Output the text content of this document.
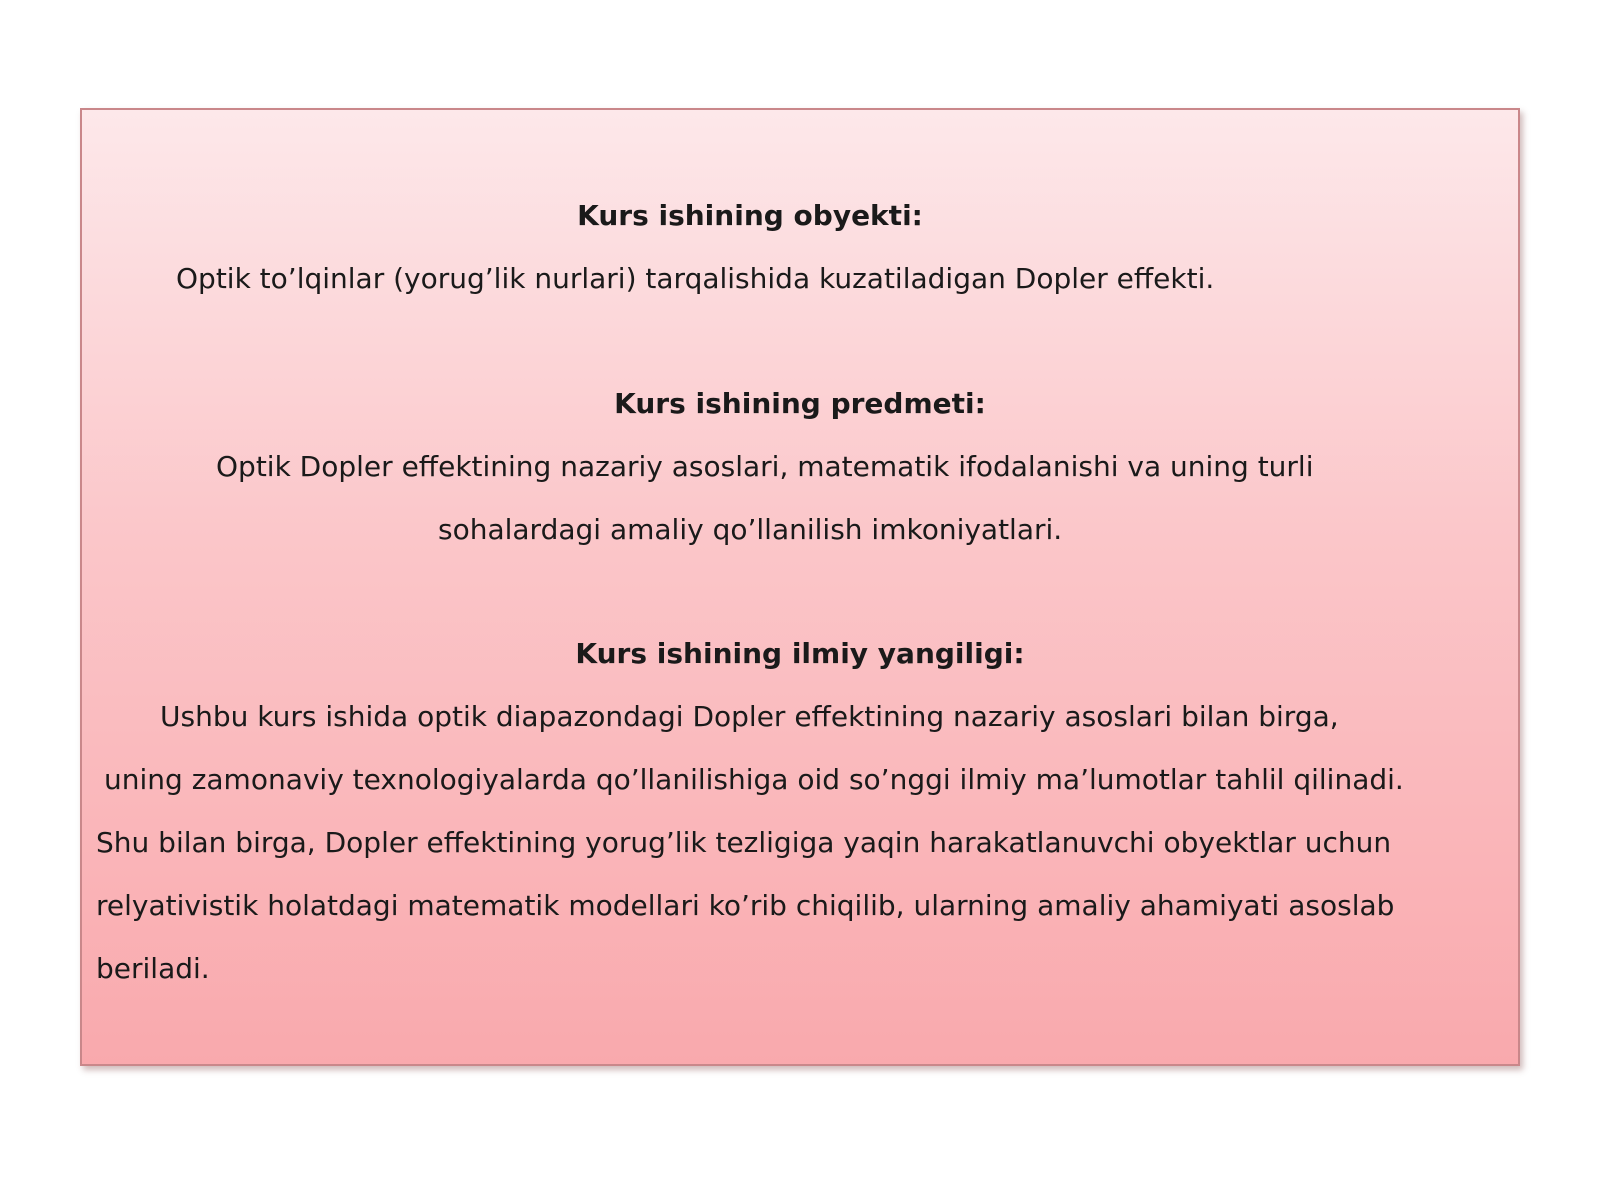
Kurs ishining obyekti:

Optik to’lqinlar (yorug’lik nurlari) tarqalishida kuzatiladigan Dopler effekti.

Kurs ishining predmeti:

Optik Dopler effektining nazariy asoslari, matematik ifodalanishi va uning turli

sohalardagi amaliy qo’llanilish imkoniyatlari.

Kurs ishining ilmiy yangiligi:

Ushbu kurs ishida optik diapazondagi Dopler effektining nazariy asoslari bilan birga,

uning zamonaviy texnologiyalarda qo’llanilishiga oid so’nggi ilmiy ma’lumotlar tahlil qilinadi.

Shu bilan birga, Dopler effektining yorug’lik tezligiga yaqin harakatlanuvchi obyektlar uchun

relyativistik holatdagi matematik modellari ko’rib chiqilib, ularning amaliy ahamiyati asoslab

beriladi.
